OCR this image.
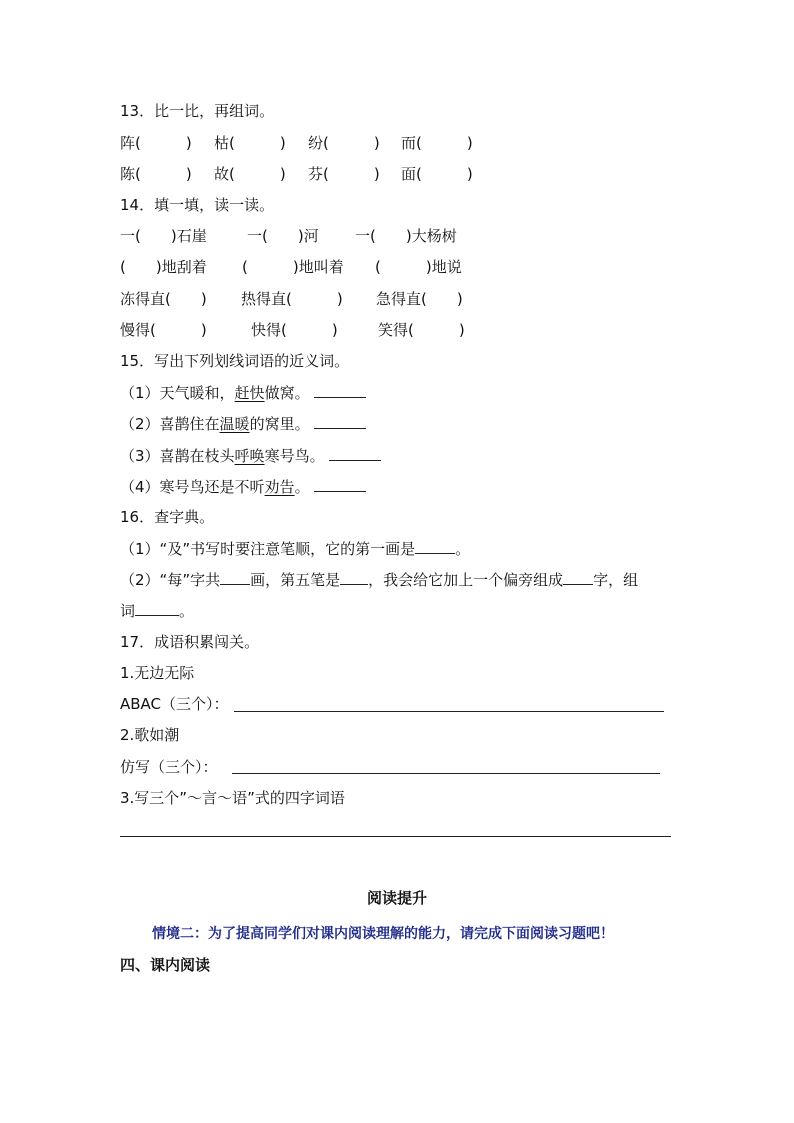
13．比一比，再组词。
阵(　　　) 枯(　　　) 纷(　　　) 而(　　　)
陈(　　　) 故(　　　) 芬(　　　) 面(　　　)
14．填一填，读一读。
一(　　)石崖	一(　　)河 一(　　)大杨树
(　　)地刮着 (　　　)地叫着 (　　　)地说
冻得直(　　) 热得直(　　　) 急得直(　　)
慢得(　　　)	快得(　　　)	笑得(　　　)
15．写出下列划线词语的近义词。
（1）天气暖和，赶快做窝。
（2）喜鹊住在温暖的窝里。
（3）喜鹊在枝头呼唤寒号鸟。
（4）寒号鸟还是不听劝告。
16．查字典。
（1）“及”书写时要注意笔顺，它的第一画是	。
（2）“每”字共 画，第五笔是 ，我会给它加上一个偏旁组成 字，组
词	。
17．成语积累闯关。
1.无边无际
ABAC（三个）：
2.歌如潮
仿写（三个）：
3.写三个”～言～语”式的四字词语
阅读提升
情境二：为了提高同学们对课内阅读理解的能力，请完成下面阅读习题吧！
四、课内阅读
